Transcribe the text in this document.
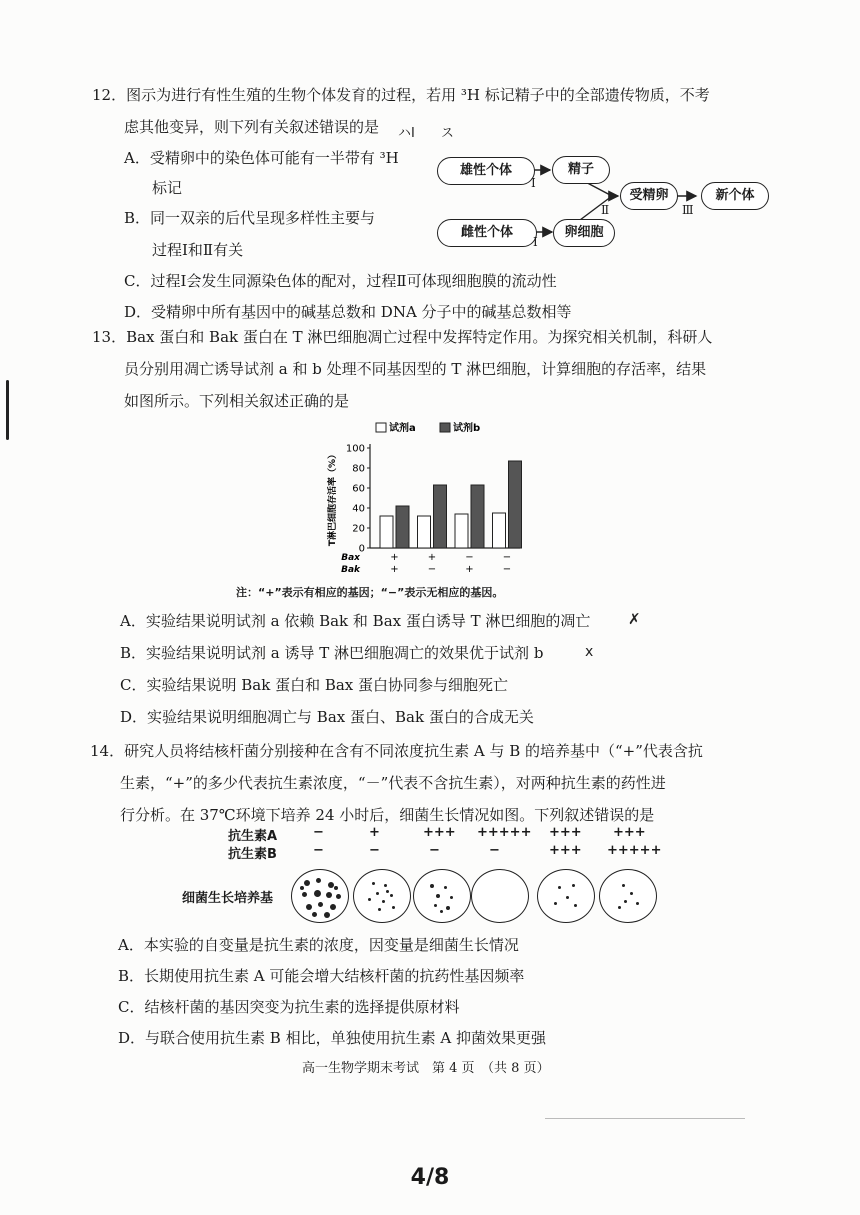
12．图示为进行有性生殖的生物个体发育的过程，若用 ³H 标记精子中的全部遗传物质，不考
虑其他变异，则下列有关叙述错误的是 ハI　　ス
A．受精卵中的染色体可能有一半带有 ³H
标记
B．同一双亲的后代呈现多样性主要与
过程Ⅰ和Ⅱ有关
C．过程Ⅰ会发生同源染色体的配对，过程Ⅱ可体现细胞膜的流动性
D．受精卵中所有基因中的碱基总数和 DNA 分子中的碱基总数相等
雄性个体	精子
雌性个体	卵细胞
受精卵	新个体
Ⅰ
Ⅰ
Ⅱ	Ⅲ
13．Bax 蛋白和 Bak 蛋白在 T 淋巴细胞凋亡过程中发挥特定作用。为探究相关机制，科研人
员分别用凋亡诱导试剂 a 和 b 处理不同基因型的 T 淋巴细胞，计算细胞的存活率，结果
如图所示。下列相关叙述正确的是
试剂a	试剂b
0
20
40
60
80
100
T淋巴细胞存活率（%）
+
+
+
−
−
+
−
−
Bax
Bak
注：“+”表示有相应的基因；“−”表示无相应的基因。
A．实验结果说明试剂 a 依赖 Bak 和 Bax 蛋白诱导 T 淋巴细胞的凋亡	✗
B．实验结果说明试剂 a 诱导 T 淋巴细胞凋亡的效果优于试剂 b	x
C．实验结果说明 Bak 蛋白和 Bax 蛋白协同参与细胞死亡
D．实验结果说明细胞凋亡与 Bax 蛋白、Bak 蛋白的合成无关
14．研究人员将结核杆菌分别接种在含有不同浓度抗生素 A 与 B 的培养基中（“+”代表含抗
生素，“+”的多少代表抗生素浓度，“－”代表不含抗生素），对两种抗生素的药性进
行分析。在 37℃环境下培养 24 小时后，细菌生长情况如图。下列叙述错误的是
抗生素A
抗生素B
−	+	+++ +++++ +++ +++
−	−	−	−	+++ +++++
细菌生长培养基
A．本实验的自变量是抗生素的浓度，因变量是细菌生长情况
B．长期使用抗生素 A 可能会增大结核杆菌的抗药性基因频率
C．结核杆菌的基因突变为抗生素的选择提供原材料
D．与联合使用抗生素 B 相比，单独使用抗生素 A 抑菌效果更强
高一生物学期末考试　第 4 页　（共 8 页）
4/8
